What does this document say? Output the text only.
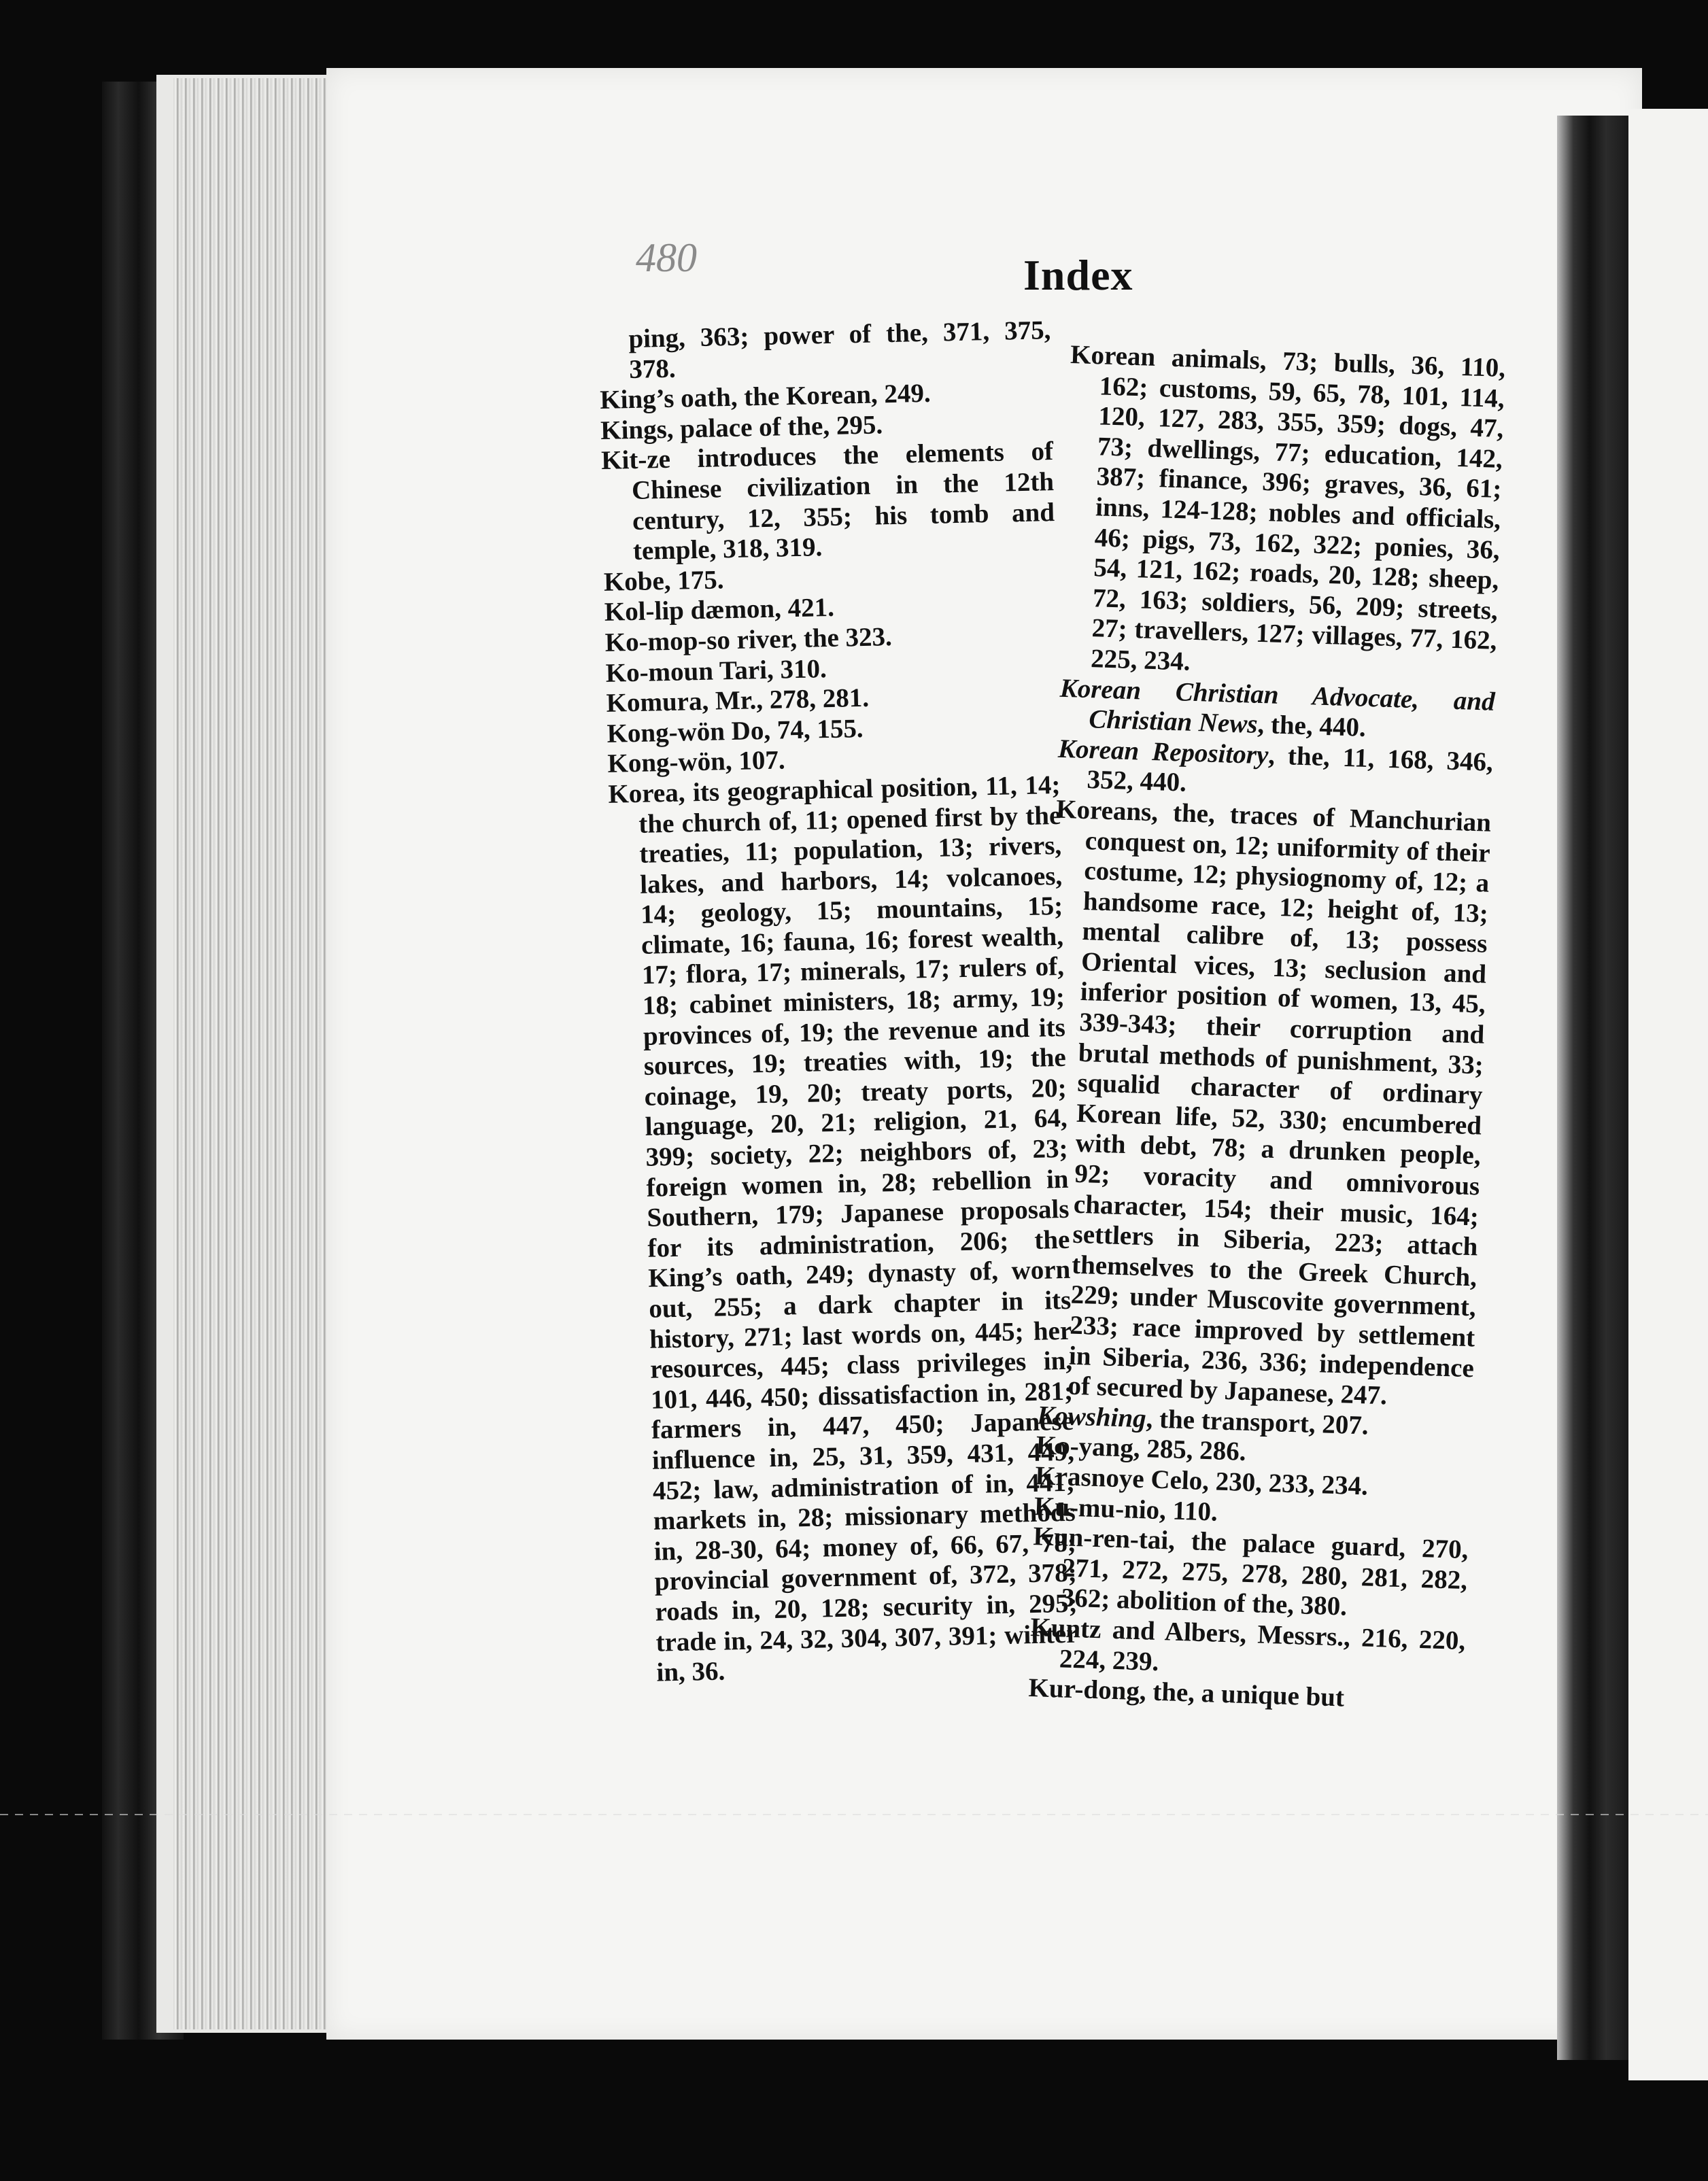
480	Index

ping, 363; power of the, 371, 375, 378.

King’s oath, the Korean, 249.

Kings, palace of the, 295.

Kit-ze introduces the elements of Chinese civilization in the 12th century, 12, 355; his tomb and temple, 318, 319.

Kobe, 175.

Kol-lip dæmon, 421.

Ko-mop-so river, the 323.

Ko-moun Tari, 310.

Komura, Mr., 278, 281.

Kong-wön Do, 74, 155.

Kong-wön, 107.

Korea, its geographical position, 11, 14; the church of, 11; opened first by the treaties, 11; population, 13; rivers, lakes, and harbors, 14; volcanoes, 14; geology, 15; mountains, 15; climate, 16; fauna, 16; forest wealth, 17; flora, 17; minerals, 17; rulers of, 18; cabinet ministers, 18; army, 19; provinces of, 19; the revenue and its sources, 19; treaties with, 19; the coinage, 19, 20; treaty ports, 20; language, 20, 21; religion, 21, 64, 399; society, 22; neighbors of, 23; foreign women in, 28; rebellion in Southern, 179; Japanese proposals for its administration, 206; the King’s oath, 249; dynasty of, worn out, 255; a dark chapter in its history, 271; last words on, 445; her resources, 445; class privileges in, 101, 446, 450; dissatisfaction in, 281; farmers in, 447, 450; Japanese influence in, 25, 31, 359, 431, 449, 452; law, administration of in, 441; markets in, 28; missionary methods in, 28-30, 64; money of, 66, 67, 78; provincial government of, 372, 378; roads in, 20, 128; security in, 295; trade in, 24, 32, 304, 307, 391; winter in, 36.

Korean animals, 73; bulls, 36, 110, 162; customs, 59, 65, 78, 101, 114, 120, 127, 283, 355, 359; dogs, 47, 73; dwellings, 77; education, 142, 387; finance, 396; graves, 36, 61; inns, 124-128; nobles and officials, 46; pigs, 73, 162, 322; ponies, 36, 54, 121, 162; roads, 20, 128; sheep, 72, 163; soldiers, 56, 209; streets, 27; travellers, 127; villages, 77, 162, 225, 234.

Korean Christian Advocate, and Christian News, the, 440.

Korean Repository, the, 11, 168, 346, 352, 440.

Koreans, the, traces of Manchurian conquest on, 12; uniformity of their costume, 12; physiognomy of, 12; a handsome race, 12; height of, 13; mental calibre of, 13; possess Oriental vices, 13; seclusion and inferior position of women, 13, 45, 339-343; their corruption and brutal methods of punishment, 33; squalid character of ordinary Korean life, 52, 330; encumbered with debt, 78; a drunken people, 92; voracity and omnivorous character, 154; their music, 164; settlers in Siberia, 223; attach themselves to the Greek Church, 229; under Muscovite government, 233; race improved by settlement in Siberia, 236, 336; independence of secured by Japanese, 247.

Kowshing, the transport, 207.

Ko-yang, 285, 286.

Krasnoye Celo, 230, 233, 234.

Ku-mu-nio, 110.

Kun-ren-tai, the palace guard, 270, 271, 272, 275, 278, 280, 281, 282, 362; abolition of the, 380.

Kuntz and Albers, Messrs., 216, 220, 224, 239.

Kur-dong, the, a unique but
